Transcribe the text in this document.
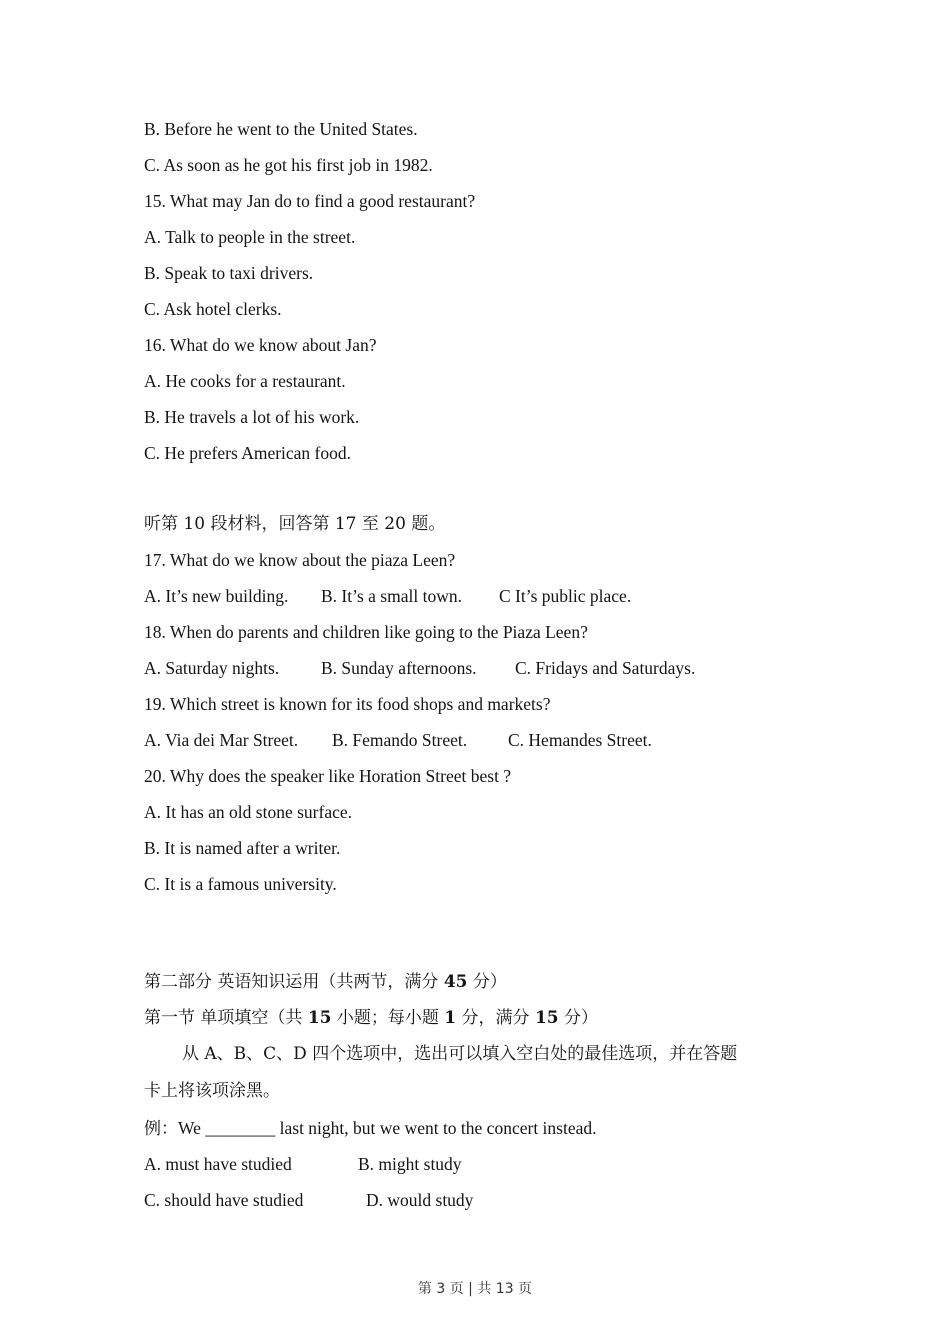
B. Before he went to the United States.
C. As soon as he got his first job in 1982.
15. What may Jan do to find a good restaurant?
A. Talk to people in the street.
B. Speak to taxi drivers.
C. Ask hotel clerks.
16. What do we know about Jan?
A. He cooks for a restaurant.
B. He travels a lot of his work.
C. He prefers American food.
听第 10 段材料，回答第 17 至 20 题。
17. What do we know about the piaza Leen?
A. It’s new building. B. It’s a small town. C It’s public place.
18. When do parents and children like going to the Piaza Leen?
A. Saturday nights. B. Sunday afternoons. C. Fridays and Saturdays.
19. Which street is known for its food shops and markets?
A. Via dei Mar Street. B. Femando Street. C. Hemandes Street.
20. Why does the speaker like Horation Street best ?
A. It has an old stone surface.
B. It is named after a writer.
C. It is a famous university.
第二部分 英语知识运用（共两节，满分 45 分）
第一节 单项填空（共 15 小题；每小题 1 分，满分 15 分）
从 A、B、C、D 四个选项中，选出可以填入空白处的最佳选项，并在答题
卡上将该项涂黑。
例：We ________ last night, but we went to the concert instead.
A. must have studied	B. might study
C. should have studied	D. would study
第 3 页 | 共 13 页
